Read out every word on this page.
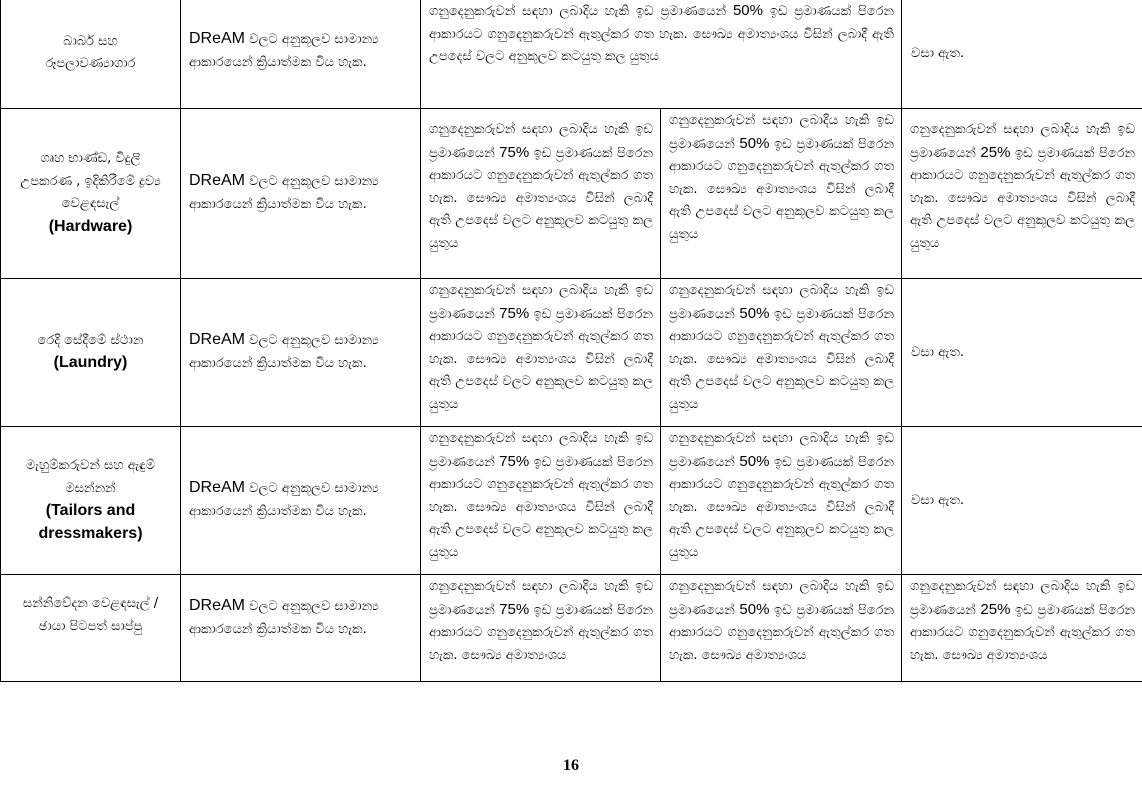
බාබර් සහ රූපලාවණ්‍යාගාර	DReAM වලට අනුකූලව සාමාන්‍ය ආකාරයෙන් ක්‍රියාත්මක විය හැක.	ගනුදෙනුකරුවන් සඳහා ලබාදිය හැකි ඉඩ ප්‍රමාණයෙන් 50% ඉඩ ප්‍රමාණයක් පිරෙන ආකාරයට ගනුදෙනුකරුවන් ඇතුල්කර ගත හැක. සෞඛ්‍ය අමාත්‍යංශය විසින් ලබාදී ඇති උපදෙස් වලට අනුකූලව කටයුතු කල යුතුය		වසා ඇත.

ගෘහ භාණ්ඩ, විදුලි උපකරණ , ඉදිකිරීමේ ද්‍රව්‍ය වෙළඳසැල්
(Hardware)	DReAM වලට අනුකූලව සාමාන්‍ය ආකාරයෙන් ක්‍රියාත්මක විය හැක.	ගනුදෙනුකරුවන් සඳහා ලබාදිය හැකි ඉඩ ප්‍රමාණයෙන් 75% ඉඩ ප්‍රමාණයක් පිරෙන ආකාරයට ගනුදෙනුකරුවන් ඇතුල්කර ගත හැක. සෞඛ්‍ය අමාත්‍යංශය විසින් ලබාදී ඇති උපදෙස් වලට අනුකූලව කටයුතු කල යුතුය	ගනුදෙනුකරුවන් සඳහා ලබාදිය හැකි ඉඩ ප්‍රමාණයෙන් 50% ඉඩ ප්‍රමාණයක් පිරෙන ආකාරයට ගනුදෙනුකරුවන් ඇතුල්කර ගත හැක. සෞඛ්‍ය අමාත්‍යංශය විසින් ලබාදී ඇති උපදෙස් වලට අනුකූලව කටයුතු කල යුතුය	ගනුදෙනුකරුවන් සඳහා ලබාදිය හැකි ඉඩ ප්‍රමාණයෙන් 25% ඉඩ ප්‍රමාණයක් පිරෙන ආකාරයට ගනුදෙනුකරුවන් ඇතුල්කර ගත හැක. සෞඛ්‍ය අමාත්‍යංශය විසින් ලබාදී ඇති උපදෙස් වලට අනුකූලව කටයුතු කල යුතුය

රෙදි සේදීමේ ස්ථාන
(Laundry)	DReAM වලට අනුකූලව සාමාන්‍ය ආකාරයෙන් ක්‍රියාත්මක විය හැක.	ගනුදෙනුකරුවන් සඳහා ලබාදිය හැකි ඉඩ ප්‍රමාණයෙන් 75% ඉඩ ප්‍රමාණයක් පිරෙන ආකාරයට ගනුදෙනුකරුවන් ඇතුල්කර ගත හැක. සෞඛ්‍ය අමාත්‍යංශය විසින් ලබාදී ඇති උපදෙස් වලට අනුකූලව කටයුතු කල යුතුය	ගනුදෙනුකරුවන් සඳහා ලබාදිය හැකි ඉඩ ප්‍රමාණයෙන් 50% ඉඩ ප්‍රමාණයක් පිරෙන ආකාරයට ගනුදෙනුකරුවන් ඇතුල්කර ගත හැක. සෞඛ්‍ය අමාත්‍යංශය විසින් ලබාදී ඇති උපදෙස් වලට අනුකූලව කටයුතු කල යුතුය	වසා ඇත.

මැහුම්කරුවන් සහ ඇඳුම් මසන්නන්
(Tailors and dressmakers)	DReAM වලට අනුකූලව සාමාන්‍ය ආකාරයෙන් ක්‍රියාත්මක විය හැක.	ගනුදෙනුකරුවන් සඳහා ලබාදිය හැකි ඉඩ ප්‍රමාණයෙන් 75% ඉඩ ප්‍රමාණයක් පිරෙන ආකාරයට ගනුදෙනුකරුවන් ඇතුල්කර ගත හැක. සෞඛ්‍ය අමාත්‍යංශය විසින් ලබාදී ඇති උපදෙස් වලට අනුකූලව කටයුතු කල යුතුය	ගනුදෙනුකරුවන් සඳහා ලබාදිය හැකි ඉඩ ප්‍රමාණයෙන් 50% ඉඩ ප්‍රමාණයක් පිරෙන ආකාරයට ගනුදෙනුකරුවන් ඇතුල්කර ගත හැක. සෞඛ්‍ය අමාත්‍යංශය විසින් ලබාදී ඇති උපදෙස් වලට අනුකූලව කටයුතු කල යුතුය	වසා ඇත.

සන්නිවේදන වෙළඳසැල් / ඡායා පිටපත් සාප්පු	DReAM වලට අනුකූලව සාමාන්‍ය ආකාරයෙන් ක්‍රියාත්මක විය හැක.	ගනුදෙනුකරුවන් සඳහා ලබාදිය හැකි ඉඩ ප්‍රමාණයෙන් 75% ඉඩ ප්‍රමාණයක් පිරෙන ආකාරයට ගනුදෙනුකරුවන් ඇතුල්කර ගත හැක. සෞඛ්‍ය අමාත්‍යංශය	ගනුදෙනුකරුවන් සඳහා ලබාදිය හැකි ඉඩ ප්‍රමාණයෙන් 50% ඉඩ ප්‍රමාණයක් පිරෙන ආකාරයට ගනුදෙනුකරුවන් ඇතුල්කර ගත හැක. සෞඛ්‍ය අමාත්‍යංශය	ගනුදෙනුකරුවන් සඳහා ලබාදිය හැකි ඉඩ ප්‍රමාණයෙන් 25% ඉඩ ප්‍රමාණයක් පිරෙන ආකාරයට ගනුදෙනුකරුවන් ඇතුල්කර ගත හැක. සෞඛ්‍ය අමාත්‍යංශය
16
